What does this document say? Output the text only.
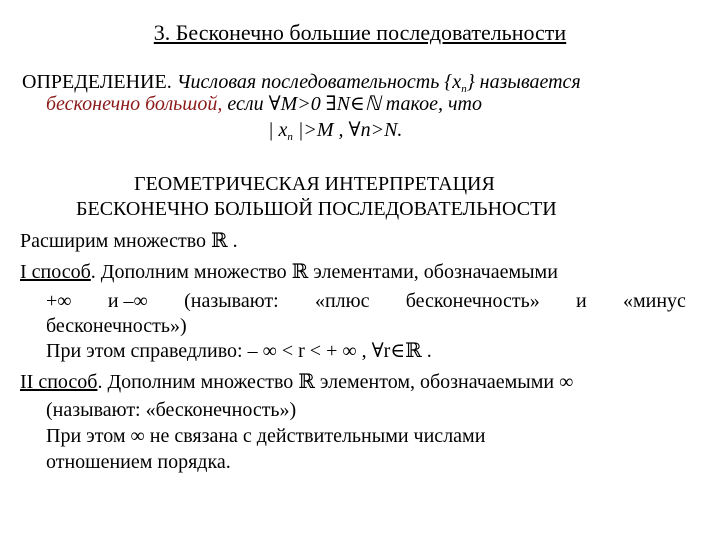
3. Бесконечно большие последовательности
ОПРЕДЕЛЕНИЕ. Числовая последовательность $\{x_n\}$ называется
бесконечно большой, если ∀M>0 ∃N∈ℕ такое, что
| $x_n$ |>M , ∀n>N.
ГЕОМЕТРИЧЕСКАЯ ИНТЕРПРЕТАЦИЯ
БЕСКОНЕЧНО БОЛЬШОЙ ПОСЛЕДОВАТЕЛЬНОСТИ
Расширим множество ℝ .
I способ. Дополним множество ℝ элементами, обозначаемыми
+∞ и –∞ (называют: «плюс бесконечность» и «минус
бесконечность»)
При этом справедливо: – ∞ < r < + ∞ , ∀r∈ℝ .
II способ. Дополним множество ℝ элементом, обозначаемыми ∞
(называют: «бесконечность»)
При этом ∞ не связана с действительными числами
отношением порядка.
